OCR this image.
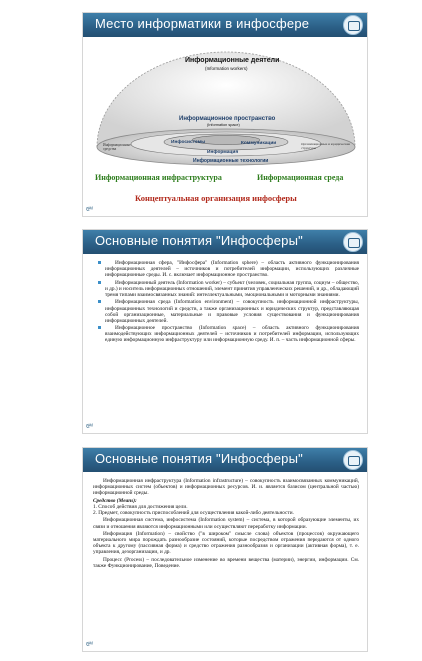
Место информатики в инфосфере
Информационные деятели
(Information workers)
Информационное пространство
(Information space)
Информационные средства
Инфосистемы	Коммуникации
Информация
Организационные и юридические структуры
Информационные технологии
Информационная инфраструктура	Информационная среда
Концептуальная организация инфосферы
𝔈ᴹ
Основные понятия "Инфосферы"

Информационная сфера, "Инфосфера" (Information sphere) – область активного функционирования информационных деятелей – источников и потребителей информации, использующих различные информационные среды. И. с. включает информационное пространство.

Информационный деятель (Information worker) – субъект (человек, социальная группа, социум – общество, и др.) и носитель информационных отношений, элемент принятия управленческих решений, и др., обладающий тремя типами взаимосвязанных знаний: интеллектуальными, эмоциональными и моторными знаниями.

Информационная среда (Information environment) – совокупность информационной инфраструктуры, информационных технологий и средств, а также организационных и юридических структур, представляющая собой организационные, материальные и правовые условия существования и функционирования информационных деятелей.

Информационное пространство (Information space) – область активного функционирования взаимодействующих информационных деятелей – источников и потребителей информации, использующих единую информационную инфраструктуру или информационную среду. И. п. – часть информационной сферы.

𝔈ᴹ
Основные понятия "Инфосферы"

Информационная инфраструктура (Information infrastructure) – совокупность взаимосвязанных коммуникаций, информационных систем (объектов) и информационных ресурсов. И. и. является базисом (центральной частью) информационной среды.

Средство (Means):

1. Способ действия для достижения цели.

2. Предмет, совокупность приспособлений для осуществления какой-либо деятельности.

Информационная система, инфосистема (Information system) – система, в которой образующие элементы, их связи и отношения являются информационными или осуществляют переработку информации.

Информация (Information) – свойство ("в широком" смысле слова) объектов (процессов) окружающего материального мира порождать разнообразие состояний, которые посредством отражения передаются от одного объекта к другому (пассивная форма) и средство отражения разнообразия и организации (активная форма), т. е. управления, дезорганизации, и др.

Процесс (Process) – последовательное изменение во времени вещества (материи), энергии, информации. См. также Функционирование, Поведение.

𝔈ᴹ
